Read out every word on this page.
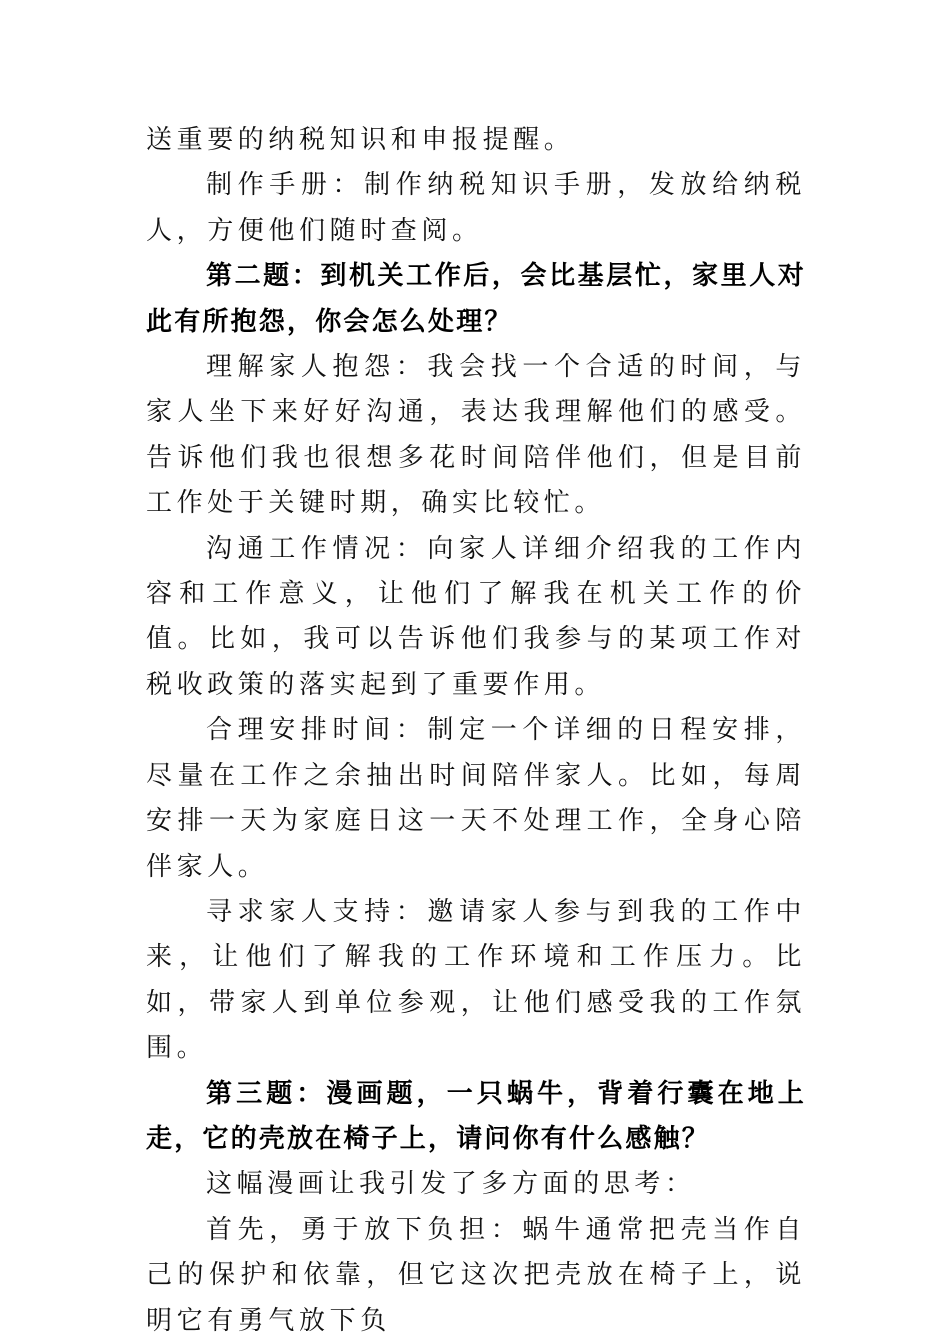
送重要的纳税知识和申报提醒。

制作手册：制作纳税知识手册，发放给纳税人，方便他们随时查阅。

第二题：到机关工作后，会比基层忙，家里人对此有所抱怨，你会怎么处理？

理解家人抱怨：我会找一个合适的时间，与家人坐下来好好沟通，表达我理解他们的感受。告诉他们我也很想多花时间陪伴他们，但是目前工作处于关键时期，确实比较忙。

沟通工作情况：向家人详细介绍我的工作内容和工作意义，让他们了解我在机关工作的价值。比如，我可以告诉他们我参与的某项工作对税收政策的落实起到了重要作用。

合理安排时间：制定一个详细的日程安排，尽量在工作之余抽出时间陪伴家人。比如，每周安排一天为家庭日这一天不处理工作，全身心陪伴家人。

寻求家人支持：邀请家人参与到我的工作中来，让他们了解我的工作环境和工作压力。比如，带家人到单位参观，让他们感受我的工作氛围。

第三题：漫画题，一只蜗牛，背着行囊在地上走，它的壳放在椅子上，请问你有什么感触？

这幅漫画让我引发了多方面的思考：

首先，勇于放下负担：蜗牛通常把壳当作自己的保护和依靠，但它这次把壳放在椅子上，说明它有勇气放下负
